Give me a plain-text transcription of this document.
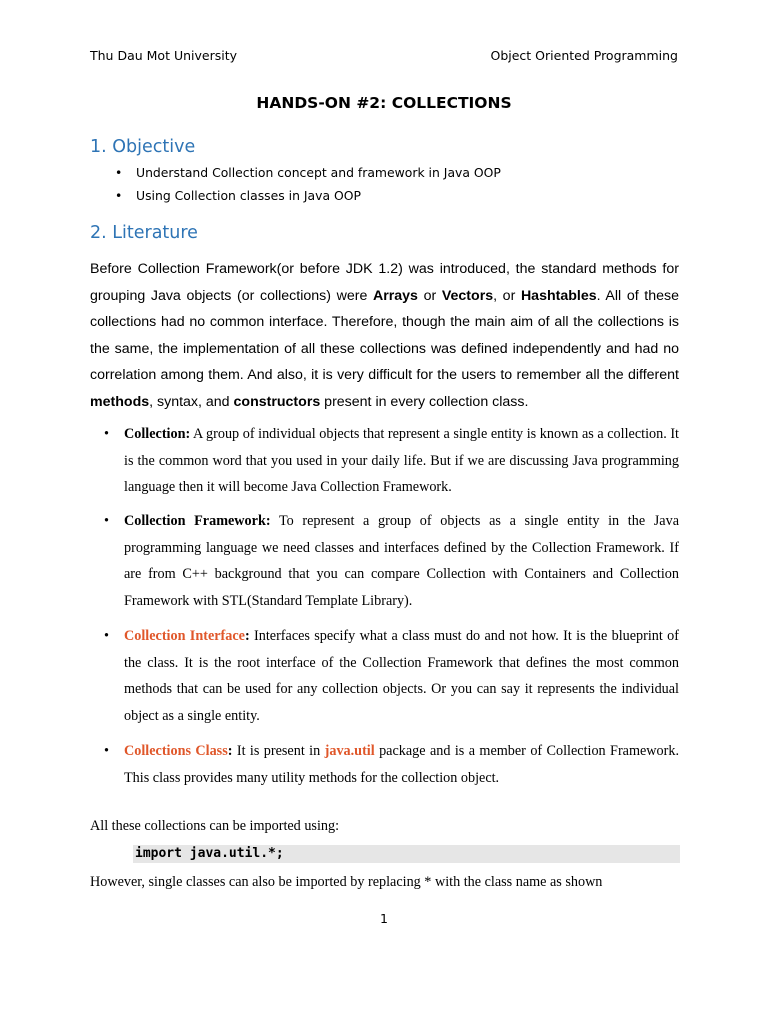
Thu Dau Mot University	Object Oriented Programming
HANDS-ON #2: COLLECTIONS
1. Objective
• Understand Collection concept and framework in Java OOP
• Using Collection classes in Java OOP
2. Literature
Before Collection Framework(or before JDK 1.2) was introduced, the standard methods for grouping Java objects (or collections) were Arrays or Vectors, or Hashtables. All of these collections had no common interface. Therefore, though the main aim of all the collections is the same, the implementation of all these collections was defined independently and had no correlation among them. And also, it is very difficult for the users to remember all the different methods, syntax, and constructors present in every collection class.
• Collection: A group of individual objects that represent a single entity is known as a collection. It is the common word that you used in your daily life. But if we are discussing Java programming language then it will become Java Collection Framework.
• Collection Framework: To represent a group of objects as a single entity in the Java programming language we need classes and interfaces defined by the Collection Framework. If are from C++ background that you can compare Collection with Containers and Collection Framework with STL(Standard Template Library).
• Collection Interface: Interfaces specify what a class must do and not how. It is the blueprint of the class. It is the root interface of the Collection Framework that defines the most common methods that can be used for any collection objects. Or you can say it represents the individual object as a single entity.
• Collections Class: It is present in java.util package and is a member of Collection Framework. This class provides many utility methods for the collection object.
All these collections can be imported using:
import java.util.*;
However, single classes can also be imported by replacing * with the class name as shown
1
